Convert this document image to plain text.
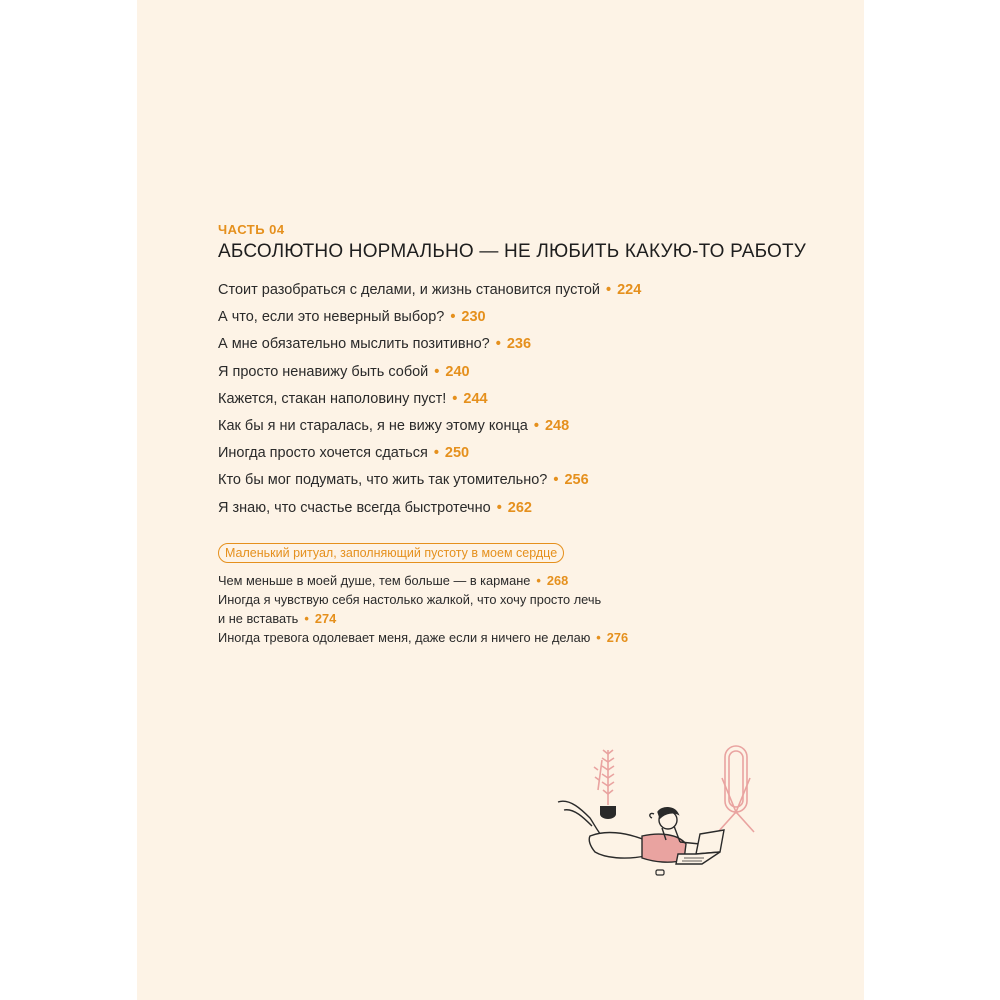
ЧАСТЬ 04
АБСОЛЮТНО НОРМАЛЬНО — НЕ ЛЮБИТЬ КАКУЮ-ТО РАБОТУ
Стоит разобраться с делами, и жизнь становится пустой • 224
А что, если это неверный выбор? • 230
А мне обязательно мыслить позитивно? • 236
Я просто ненавижу быть собой • 240
Кажется, стакан наполовину пуст! • 244
Как бы я ни старалась, я не вижу этому конца • 248
Иногда просто хочется сдаться • 250
Кто бы мог подумать, что жить так утомительно? • 256
Я знаю, что счастье всегда быстротечно • 262
Маленький ритуал, заполняющий пустоту в моем сердце
Чем меньше в моей душе, тем больше — в кармане • 268
Иногда я чувствую себя настолько жалкой, что хочу просто лечь
и не вставать • 274
Иногда тревога одолевает меня, даже если я ничего не делаю • 276
